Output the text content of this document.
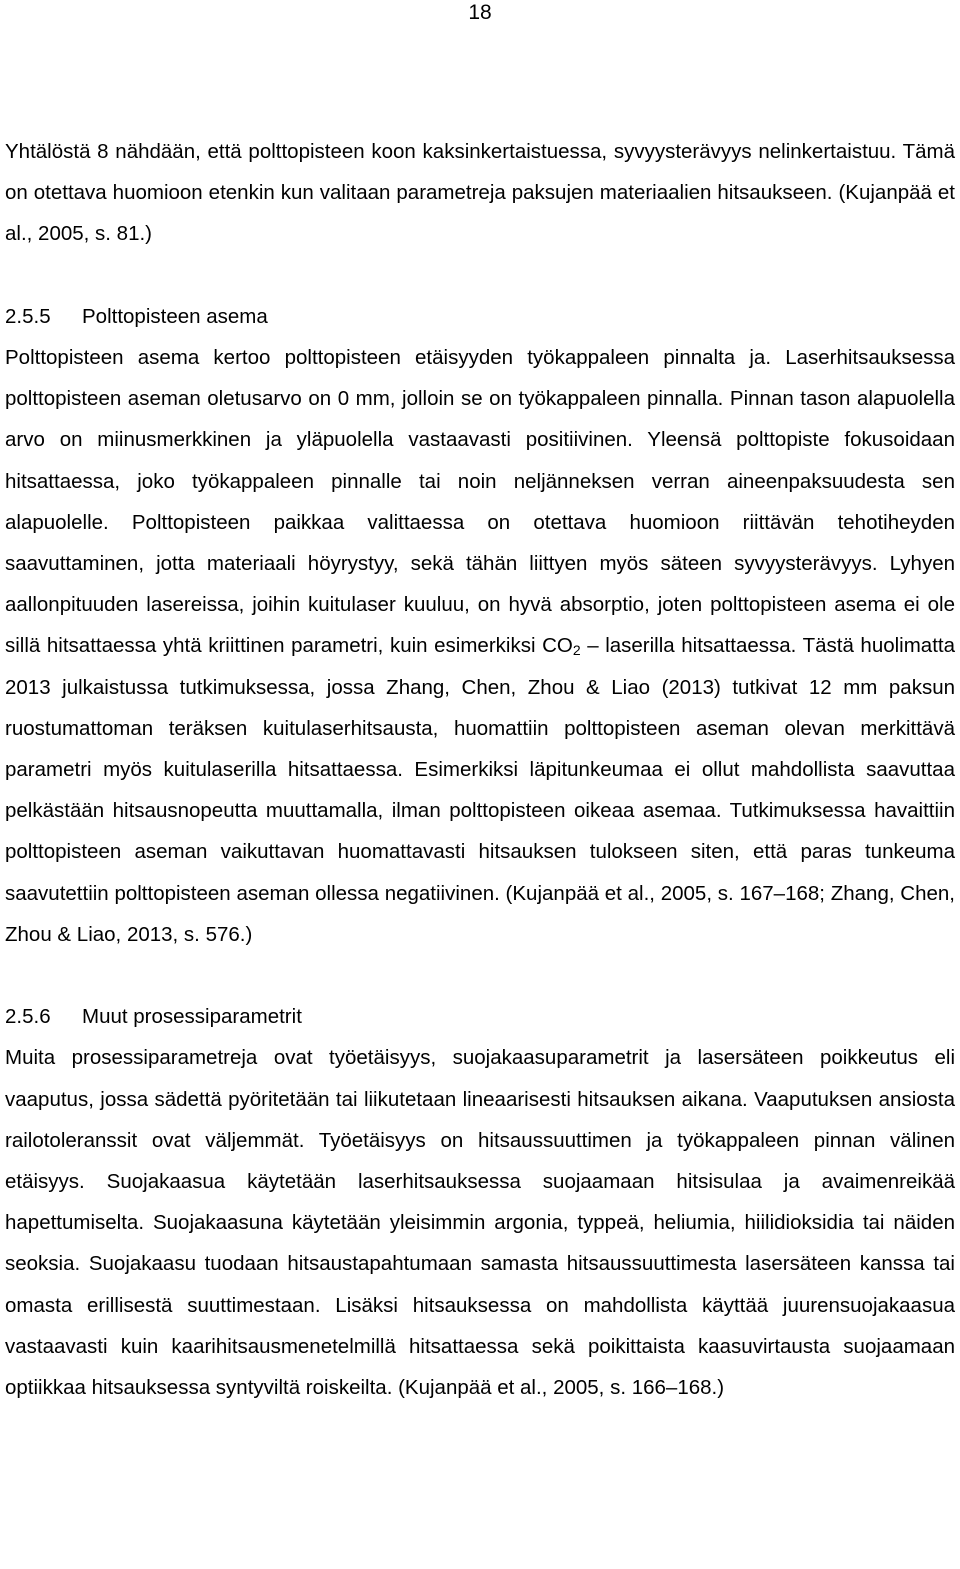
18

Yhtälöstä 8 nähdään, että polttopisteen koon kaksinkertaistuessa, syvyysterävyys nelinkertaistuu. Tämä on otettava huomioon etenkin kun valitaan parametreja paksujen materiaalien hitsaukseen. (Kujanpää et al., 2005, s. 81.)

2.5.5 Polttopisteen asema

Polttopisteen asema kertoo polttopisteen etäisyyden työkappaleen pinnalta ja. Laserhitsauksessa polttopisteen aseman oletusarvo on 0 mm, jolloin se on työkappaleen pinnalla. Pinnan tason alapuolella arvo on miinusmerkkinen ja yläpuolella vastaavasti positiivinen. Yleensä polttopiste fokusoidaan hitsattaessa, joko työkappaleen pinnalle tai noin neljänneksen verran aineenpaksuudesta sen alapuolelle. Polttopisteen paikkaa valittaessa on otettava huomioon riittävän tehotiheyden saavuttaminen, jotta materiaali höyrystyy, sekä tähän liittyen myös säteen syvyysterävyys. Lyhyen aallonpituuden lasereissa, joihin kuitulaser kuuluu, on hyvä absorptio, joten polttopisteen asema ei ole sillä hitsattaessa yhtä kriittinen parametri, kuin esimerkiksi $CO_2$ – laserilla hitsattaessa. Tästä huolimatta 2013 julkaistussa tutkimuksessa, jossa Zhang, Chen, Zhou & Liao (2013) tutkivat 12 mm paksun ruostumattoman teräksen kuitulaserhitsausta, huomattiin polttopisteen aseman olevan merkittävä parametri myös kuitulaserilla hitsattaessa. Esimerkiksi läpitunkeumaa ei ollut mahdollista saavuttaa pelkästään hitsausnopeutta muuttamalla, ilman polttopisteen oikeaa asemaa. Tutkimuksessa havaittiin polttopisteen aseman vaikuttavan huomattavasti hitsauksen tulokseen siten, että paras tunkeuma saavutettiin polttopisteen aseman ollessa negatiivinen. (Kujanpää et al., 2005, s. 167–168; Zhang, Chen, Zhou & Liao, 2013, s. 576.)

2.5.6 Muut prosessiparametrit

Muita prosessiparametreja ovat työetäisyys, suojakaasuparametrit ja lasersäteen poikkeutus eli vaaputus, jossa sädettä pyöritetään tai liikutetaan lineaarisesti hitsauksen aikana. Vaaputuksen ansiosta railotoleranssit ovat väljemmät. Työetäisyys on hitsaussuuttimen ja työkappaleen pinnan välinen etäisyys. Suojakaasua käytetään laserhitsauksessa suojaamaan hitsisulaa ja avaimenreikää hapettumiselta. Suojakaasuna käytetään yleisimmin argonia, typpeä, heliumia, hiilidioksidia tai näiden seoksia. Suojakaasu tuodaan hitsaustapahtumaan samasta hitsaussuuttimesta lasersäteen kanssa tai omasta erillisestä suuttimestaan. Lisäksi hitsauksessa on mahdollista käyttää juurensuojakaasua vastaavasti kuin kaarihitsausmenetelmillä hitsattaessa sekä poikittaista kaasuvirtausta suojaamaan optiikkaa hitsauksessa syntyviltä roiskeilta. (Kujanpää et al., 2005, s. 166–168.)
